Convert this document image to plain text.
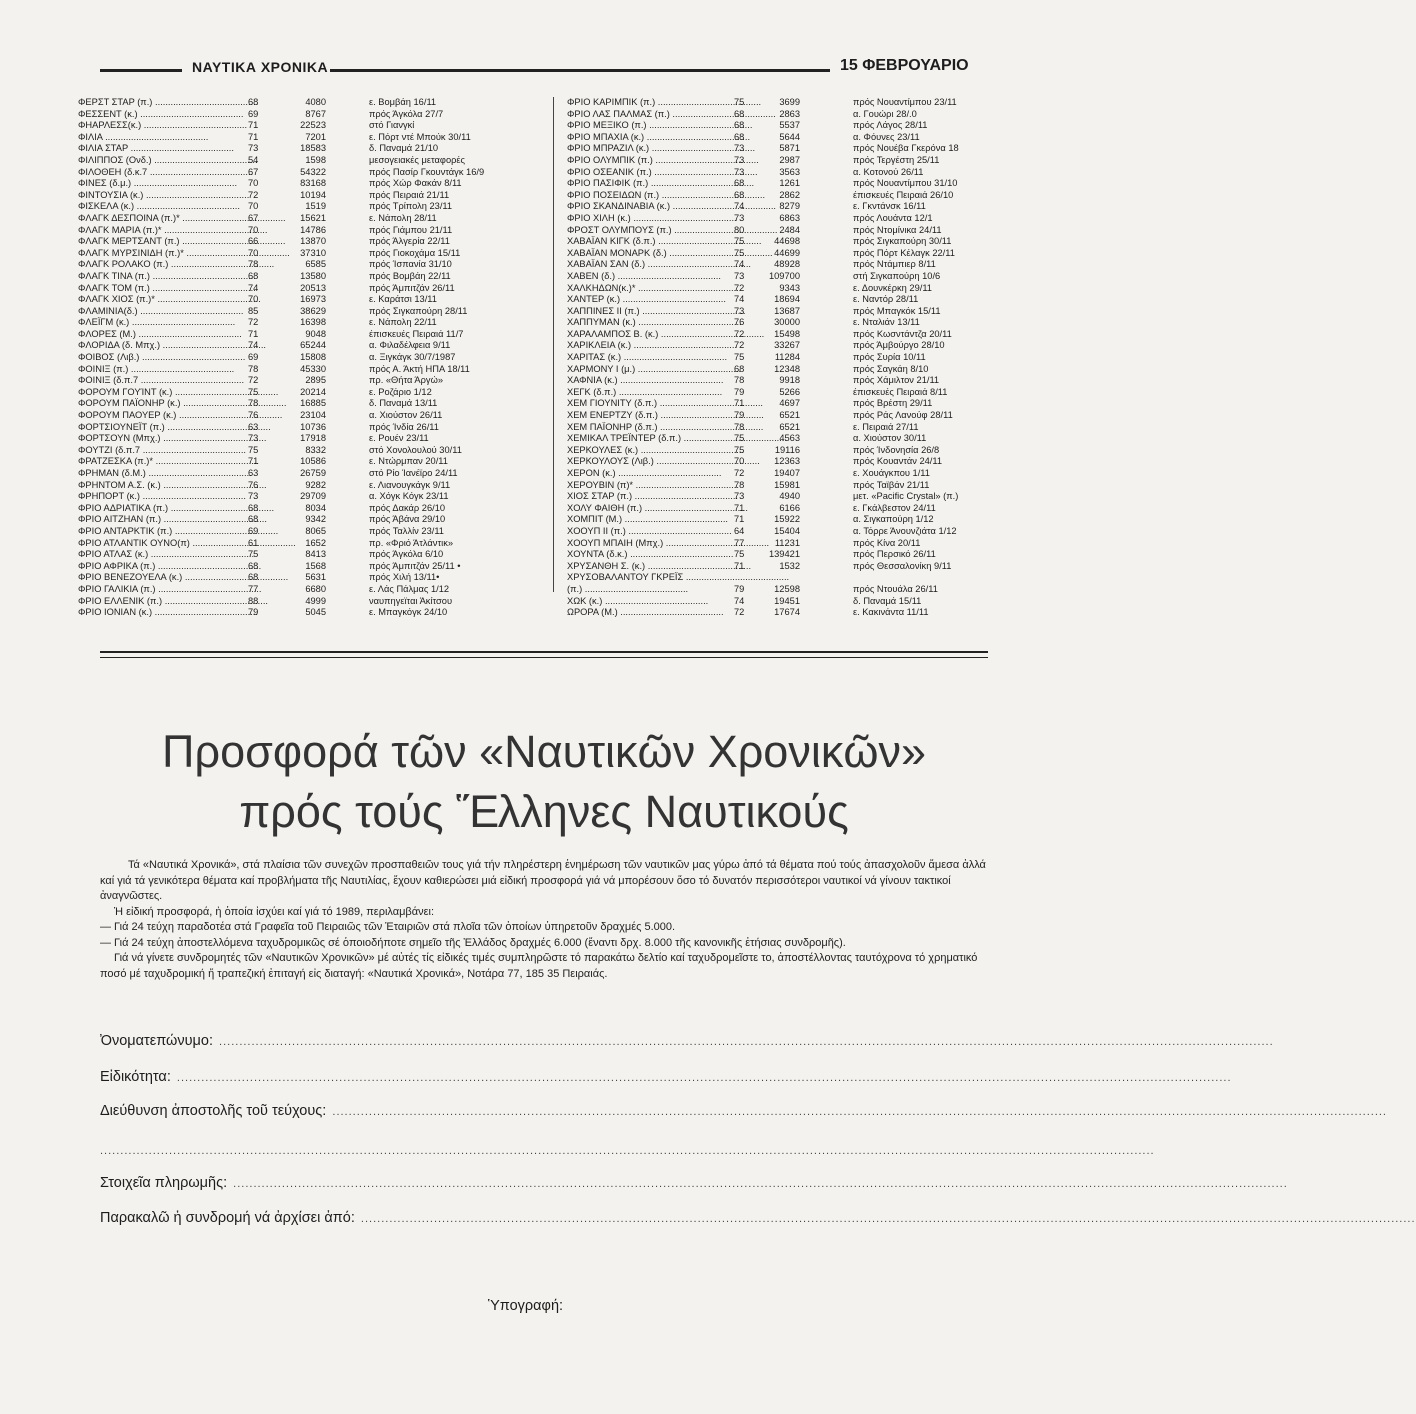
ΝΑΥΤΙΚΑ ΧΡΟΝΙΚΑ	15 ΦΕΒΡΟΥΑΡΙΟ
ΦΕΡΣΤ ΣΤΑΡ (π.) .....	68	4080	ε. Βομβάη 16/11
ΦΕΣΣΕΝΤ (κ.) .....	69	8767	πρός Άγκόλα 27/7
ΦΗΑΡΛΕΣΣ(κ.) .....	71	22523	στό Γιανγκί
ΦΙΛΙΑ .....	71	7201	ε. Πόρτ ντέ Μπούκ 30/11
ΦΙΛΙΑ ΣΤΑΡ .....	73	18583	δ. Παναμά 21/10
ΦΙΛΙΠΠΟΣ (Ονδ.) .....	54	1598	μεσογειακές μεταφορές
ΦΙΛΟΘΕΗ (δ.κ.7 .....	67	54322	πρός Πασίρ Γκουντάγκ 16/9
ΦΙΝΕΣ (δ.μ.) .....	70	83168	πρός Χώρ Φακάν 8/11
ΦΙΝΤΟΥΣΙΑ (κ.) .....	72	10194	πρός Πειραιά 21/11
ΦΙΣΚΕΛΑ (κ.) .....	70	1519	πρός Τρίπολη 23/11
ΦΛΑΓΚ ΔΕΣΠΟΙΝΑ (π.)* .....	67	15621	ε. Νάπολη 28/11
ΦΛΑΓΚ ΜΑΡΙΑ (π.)* .....	70	14786	πρός Γιάμπου 21/11
ΦΛΑΓΚ ΜΕΡΤΣΑΝΤ (π.) .....	66	13870	πρός Άλγερία 22/11
ΦΛΑΓΚ ΜΥΡΣΙΝΙΔΗ (π.)* .....	70	37310	πρός Γιοκοχάμα 15/11
ΦΛΑΓΚ ΡΟΛΑΚΟ (π.) .....	78	6585	πρός Ίσπανία 31/10
ΦΛΑΓΚ ΤΙΝΑ (π.) .....	68	13580	πρός Βομβάη 22/11
ΦΛΑΓΚ ΤΟΜ (π.) .....	74	20513	πρός Άμπιτζάν 26/11
ΦΛΑΓΚ ΧΙΟΣ (π.)* .....	70	16973	ε. Καράτσι 13/11
ΦΛΑΜΙΝΙΑ(δ.) .....	85	38629	πρός Σιγκαπούρη 28/11
ΦΛΕΪΓΜ (κ.) .....	72	16398	ε. Νάπολη 22/11
ΦΛΟΡΕΣ (Μ.) .....	71	9048	έπισκευές Πειραιά 11/7
ΦΛΟΡΙΔΑ (δ. Μπχ.) .....	74	65244	α. Φιλαδέλφεια 9/11
ΦΟΙΒΟΣ (Λιβ.) .....	69	15808	α. Ξιγκάγκ 30/7/1987
ΦΟΙΝΙΞ (π.) .....	78	45330	πρός Α. Άκτή ΗΠΑ 18/11
ΦΟΙΝΙΞ (δ.π.7 .....	72	2895	πρ. «Θήτα Άργώ»
ΦΟΡΟΥΜ ΓΟΥΊΝΤ (κ.) .....	75	20214	ε. Ροζάριο 1/12
ΦΟΡΟΥΜ ΠΑΪΟΝΗΡ (κ.) .....	78	16885	δ. Παναμά 13/11
ΦΟΡΟΥΜ ΠΑΟΥΕΡ (κ.) .....	76	23104	α. Χιούστον 26/11
ΦΟΡΤΣΙΟΥΝΕΪΤ (π.) .....	63	10736	πρός Ίνδία 26/11
ΦΟΡΤΣΟΥΝ (Μπχ.) .....	73	17918	ε. Ρουέν 23/11
ΦΟΥΤΖΙ (δ.π.7 .....	75	8332	στό Χονολουλού 30/11
ΦΡΑΤΖΕΣΚΑ (π.)* .....	71	10586	ε. Ντώρμπαν 20/11
ΦΡΗΜΑΝ (δ.Μ.) .....	63	26759	στό Ρίο Ίανέϊρο 24/11
ΦΡΗΝΤΟΜ Α.Σ. (κ.) .....	76	9282	ε. Λιανουγκάγκ 9/11
ΦΡΗΠΟΡΤ (κ.) .....	73	29709	α. Χόγκ Κόγκ 23/11
ΦΡΙΟ ΑΔΡΙΑΤΙΚΑ (π.) .....	68	8034	πρός Δακάρ 26/10
ΦΡΙΟ ΑΙΤΖΗΑΝ (π.) .....	68	9342	πρός Άβάνα 29/10
ΦΡΙΟ ΑΝΤΑΡΚΤΙΚ (π.) .....	69	8065	πρός Ταλλίν 23/11
ΦΡΙΟ ΑΤΛΑΝΤΙΚ ΟΥΝΟ(π) .....	61	1652	πρ. «Φριό Άτλάντικ»
ΦΡΙΟ ΑΤΛΑΣ (κ.) .....	75	8413	πρός Άγκόλα 6/10
ΦΡΙΟ ΑΦΡΙΚΑ (π.) .....	68	1568	πρός Άμπιτζάν 25/11 •
ΦΡΙΟ ΒΕΝΕΖΟΥΕΛΑ (κ.) .....	68	5631	πρός Χιλή 13/11•
ΦΡΙΟ ΓΑΛΙΚΙΑ (π.) .....	77	6680	ε. Λάς Πάλμας 1/12
ΦΡΙΟ ΕΛΛΕΝΙΚ (π.) .....	88	4999	ναυπηγεϊται Άκίτσου
ΦΡΙΟ ΙΟΝΙΑΝ (κ.) .....	79	5045	ε. Μπαγκόγκ 24/10
ΦΡΙΟ ΚΑΡΙΜΠΙΚ (π.) .....	75	3699	πρός Νουαντίμπου 23/11
ΦΡΙΟ ΛΑΣ ΠΑΛΜΑΣ (π.) .....	68	2863	α. Γουώρι 28/.0
ΦΡΙΟ ΜΕΞΙΚΟ (π.) .....	68	5537	πρός Λάγος 28/11
ΦΡΙΟ ΜΠΑΧΙΑ (κ.) .....	68	5644	α. Φόυνες 23/11
ΦΡΙΟ ΜΠΡΑΖΙΛ (κ.) .....	73	5871	πρός Νουέβα Γκερόνα 18
ΦΡΙΟ ΟΛΥΜΠΙΚ (π.) .....	73	2987	πρός Τεργέστη 25/11
ΦΡΙΟ ΟΣΕΑΝΙΚ (π.) .....	73	3563	α. Κοτονού 26/11
ΦΡΙΟ ΠΑΣΙΦΙΚ (π.) .....	68	1261	πρός Νουαντίμπου 31/10
ΦΡΙΟ ΠΟΣΕΙΔΩΝ (π.) .....	68	2862	έπισκευές Πειραιά 26/10
ΦΡΙΟ ΣΚΑΝΔΙΝΑΒΙΑ (κ.) .....	74	8279	ε. Γκντάνσκ 16/11
ΦΡΙΟ ΧΙΛΗ (κ.) .....	73	6863	πρός Λουάντα 12/1
ΦΡΟΣΤ ΟΛΥΜΠΟΥΣ (π.) .....	80	2484	πρός Ντομίνικα 24/11
ΧΑΒΑΪΑΝ ΚΙΓΚ (δ.π.) .....	75	44698	πρός Σιγκαπούρη 30/11
ΧΑΒΑΪΑΝ ΜΟΝΑΡΚ (δ.) .....	75	44699	πρός Πόρτ Κέλαγκ 22/11
ΧΑΒΑΪΑΝ ΣΑΝ (δ.) .....	74	48928	πρός Ντάμπιερ 8/11
ΧΑΒΕΝ (δ.) .....	73	109700	στή Σιγκαπούρη 10/6
ΧΑΛΚΗΔΩΝ(κ.)* .....	72	9343	ε. Δουνκέρκη 29/11
ΧΑΝΤΕΡ (κ.) .....	74	18694	ε. Ναντόρ 28/11
ΧΑΠΠΙΝΕΣ II (π.) .....	73	13687	πρός Μπαγκόκ 15/11
ΧΑΠΠΥΜΑΝ (κ.) .....	76	30000	ε. Νταλιάν 13/11
ΧΑΡΑΛΑΜΠΟΣ Β. (κ.) .....	72	15498	πρός Κωσντάντζα 20/11
ΧΑΡΙΚΛΕΙΑ (κ.) .....	72	33267	πρός Άμβούργο 28/10
ΧΑΡΙΤΑΣ (κ.) .....	75	11284	πρός Συρία 10/11
ΧΑΡΜΟΝΥ I (μ.) .....	68	12348	πρός Σαγκάη 8/10
ΧΑΦΝΙΑ (κ.) .....	78	9918	πρός Χάμιλτον 21/11
ΧΕΓΚ (δ.π.) .....	79	5266	έπισκευές Πειραιά 8/11
ΧΕΜ ΓΙΟΥΝΙΤΥ (δ.π.) .....	71	4697	πρός Βρέστη 29/11
ΧΕΜ ΕΝΕΡΤΖΥ (δ.π.) .....	79	6521	πρός Ράς Λανούφ 28/11
ΧΕΜ ΠΑΪΟΝΗΡ (δ.π.) .....	78	6521	ε. Πειραιά 27/11
ΧΕΜΙΚΑΛ ΤΡΕΪΝΤΕΡ (δ.π.) .....	75	4563	α. Χιούστον 30/11
ΧΕΡΚΟΥΛΕΣ (κ.) .....	75	19116	πρός Ίνδονησία 26/8
ΧΕΡΚΟΥΛΟΥΣ (Λιβ.) .....	70	12363	πρός Κουαντάν 24/11
ΧΕΡΟΝ (κ.) .....	72	19407	ε. Χουάγκπου 1/11
ΧΕΡΟΥΒΙΝ (π)* .....	78	15981	πρός Ταϊβάν 21/11
ΧΙΟΣ ΣΤΑΡ (π.) .....	73	4940	μετ. «Pacific Crystal» (π.)
ΧΟΛΥ ΦΑΙΘΗ (π.) .....	71	6166	ε. Γκάλβεστον 24/11
ΧΟΜΠΙΤ (Μ.) .....	71	15922	α. Σιγκαπούρη 1/12
ΧΟΟΥΠ II (π.) .....	64	15404	α. Τόρρε Άνουνζιάτα 1/12
ΧΟΟΥΠ ΜΠΑΙΗ (Μπχ.) .....	77	11231	πρός Κίνα 20/11
ΧΟΥΝΤΑ (δ.κ.) .....	75	139421	πρός Περσικό 26/11
ΧΡΥΣΑΝΘΗ Σ. (κ.) .....	71	1532	πρός Θεσσαλονίκη 9/11
ΧΡΥΣΟΒΑΛΑΝΤΟΥ ΓΚΡΕΪΣ .....
(π.) .....	79	12598	πρός Ντουάλα 26/11
ΧΩΚ (κ.) .....	74	19451	δ. Παναμά 15/11
ΩΡΟΡΑ (Μ.) .....	72	17674	ε. Κακινάντα 11/11
Προσφορά τῶν «Ναυτικῶν Χρονικῶν»
πρός τούς Ἕλληνες Ναυτικούς

Τά «Ναυτικά Χρονικά», στά πλαίσια τῶν συνεχῶν προσπαθειῶν τους γιά τήν πληρέστερη ἐνημέρωση τῶν ναυτικῶν μας γύρω ἀπό τά θέματα πού τούς ἀπασχολοῦν ἄμεσα ἀλλά καί γιά τά γενικότερα θέματα καί προβλήματα τῆς Ναυτιλίας, ἔχουν καθιερώσει μιά εἰδική προσφορά γιά νά μπορέσουν ὅσο τό δυνατόν περισσότεροι ναυτικοί νά γίνουν τακτικοί ἀναγνῶστες.

Ἡ εἰδική προσφορά, ἡ ὁποία ἰσχύει καί γιά τό 1989, περιλαμβάνει:

— Γιά 24 τεύχη παραδοτέα στά Γραφεῖα τοῦ Πειραιῶς τῶν Ἑταιριῶν στά πλοῖα τῶν ὁποίων ὑπηρετοῦν δραχμές 5.000.

— Γιά 24 τεύχη ἀποστελλόμενα ταχυδρομικῶς σέ ὁποιοδήποτε σημεῖο τῆς Ἑλλάδος δραχμές 6.000 (ἔναντι δρχ. 8.000 τῆς κανονικῆς ἐτήσιας συνδρομῆς).

Γιά νά γίνετε συνδρομητές τῶν «Ναυτικῶν Χρονικῶν» μέ αὐτές τίς εἰδικές τιμές συμπληρῶστε τό παρακάτω δελτίο καί ταχυδρομεῖστε το, ἀποστέλλοντας ταυτόχρονα τό χρηματικό ποσό μέ ταχυδρομική ἤ τραπεζική ἐπιταγή εἰς διαταγή: «Ναυτικά Χρονικά», Νοτάρα 77, 185 35 Πειραιάς.

Ὀνοματεπώνυμο: ....................................................................................................................................................................................................................................................................
Εἰδικότητα: ....................................................................................................................................................................................................................................................................
Διεύθυνση ἀποστολῆς τοῦ τεύχους: ....................................................................................................................................................................................................................................................................
....................................................................................................................................................................................................................................................................
Στοιχεῖα πληρωμῆς: ....................................................................................................................................................................................................................................................................
Παρακαλῶ ἡ συνδρομή νά ἀρχίσει ἀπό: ....................................................................................................................................................................................................................................................................
Ὑπογραφή:
